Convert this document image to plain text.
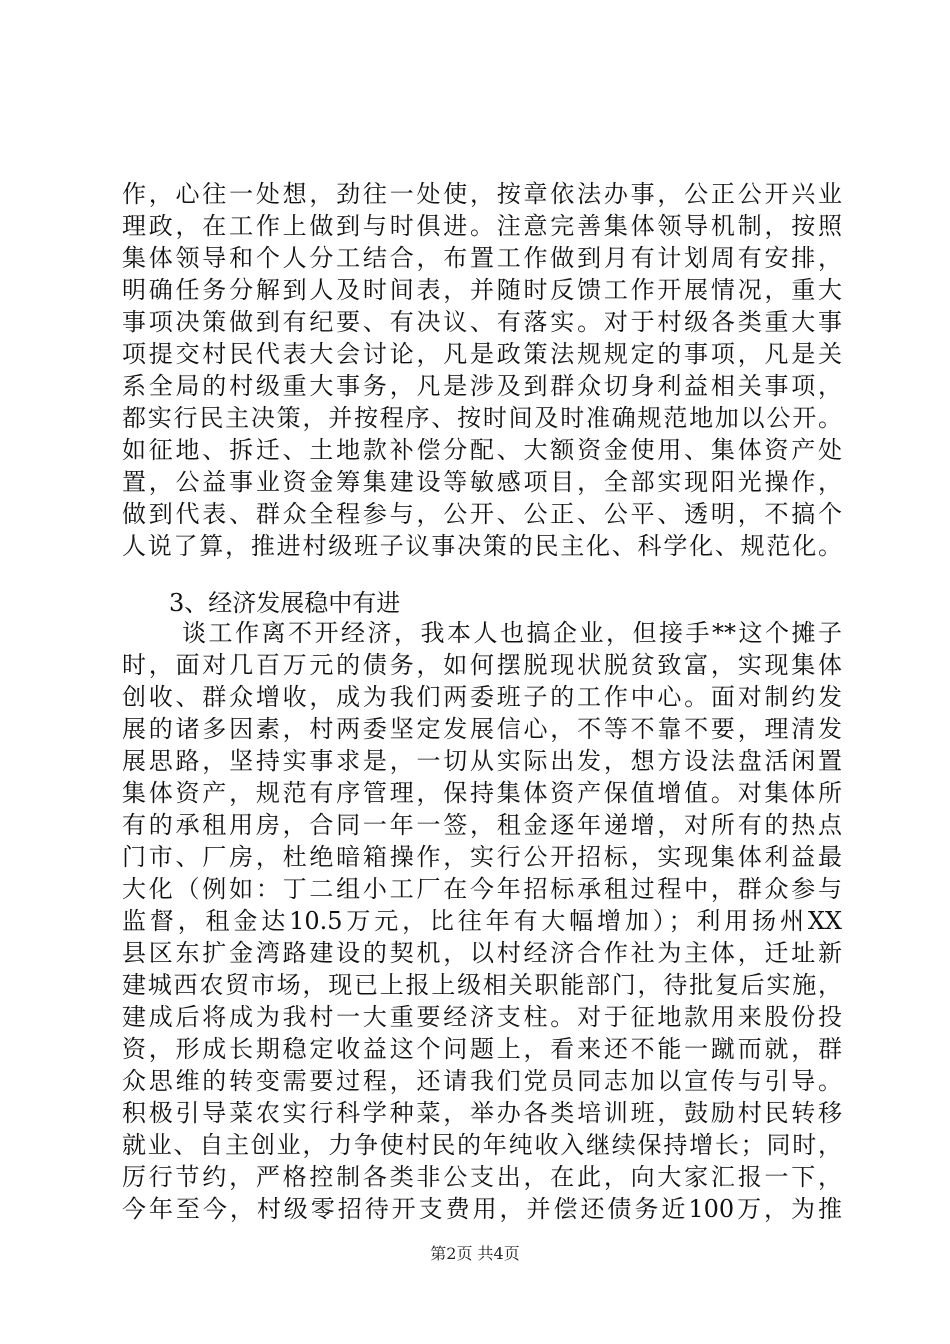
作，心往一处想，劲往一处使，按章依法办事，公正公开兴业
理政，在工作上做到与时俱进。注意完善集体领导机制，按照
集体领导和个人分工结合，布置工作做到月有计划周有安排，
明确任务分解到人及时间表，并随时反馈工作开展情况，重大
事项决策做到有纪要、有决议、有落实。对于村级各类重大事
项提交村民代表大会讨论，凡是政策法规规定的事项，凡是关
系全局的村级重大事务，凡是涉及到群众切身利益相关事项，
都实行民主决策，并按程序、按时间及时准确规范地加以公开。
如征地、拆迁、土地款补偿分配、大额资金使用、集体资产处
置，公益事业资金筹集建设等敏感项目，全部实现阳光操作，
做到代表、群众全程参与，公开、公正、公平、透明，不搞个
人说了算，推进村级班子议事决策的民主化、科学化、规范化。
3、经济发展稳中有进
谈工作离不开经济，我本人也搞企业，但接手**这个摊子
时，面对几百万元的债务，如何摆脱现状脱贫致富，实现集体
创收、群众增收，成为我们两委班子的工作中心。面对制约发
展的诸多因素，村两委坚定发展信心，不等不靠不要，理清发
展思路，坚持实事求是，一切从实际出发，想方设法盘活闲置
集体资产，规范有序管理，保持集体资产保值增值。对集体所
有的承租用房，合同一年一签，租金逐年递增，对所有的热点
门市、厂房，杜绝暗箱操作，实行公开招标，实现集体利益最
大化（例如：丁二组小工厂在今年招标承租过程中，群众参与
监督，租金达10.5万元，比往年有大幅增加）；利用扬州XX
县区东扩金湾路建设的契机，以村经济合作社为主体，迁址新
建城西农贸市场，现已上报上级相关职能部门，待批复后实施，
建成后将成为我村一大重要经济支柱。对于征地款用来股份投
资，形成长期稳定收益这个问题上，看来还不能一蹴而就，群
众思维的转变需要过程，还请我们党员同志加以宣传与引导。
积极引导菜农实行科学种菜，举办各类培训班，鼓励村民转移
就业、自主创业，力争使村民的年纯收入继续保持增长；同时，
厉行节约，严格控制各类非公支出，在此，向大家汇报一下，
今年至今，村级零招待开支费用，并偿还债务近100万，为推
第2页 共4页
